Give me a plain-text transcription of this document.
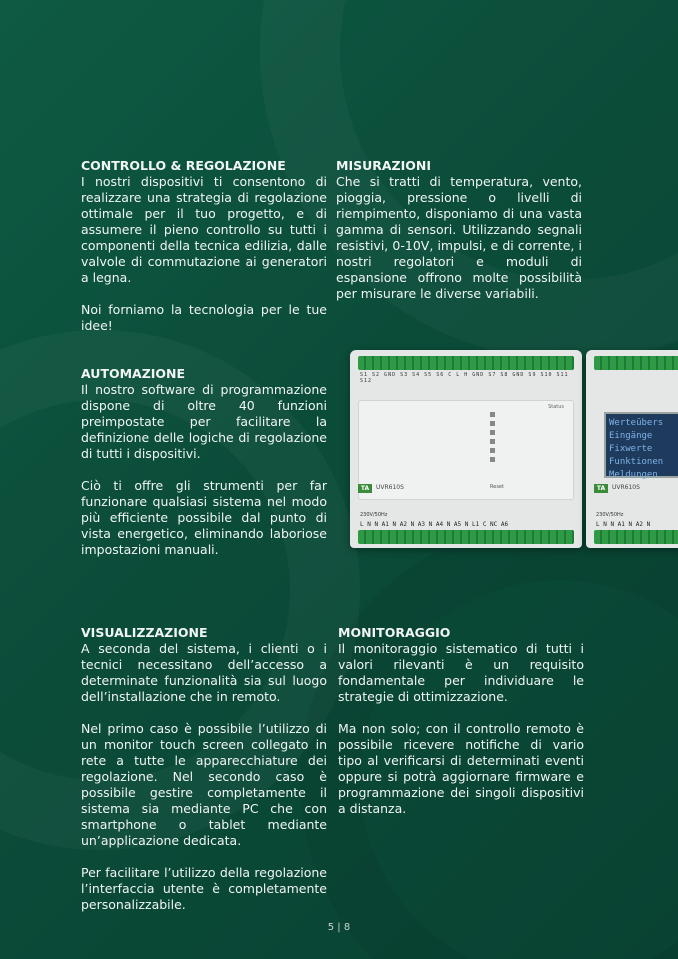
CONTROLLO & REGOLAZIONE

I nostri dispositivi ti consentono di realizzare una strategia di regolazione ottimale per il tuo progetto, e di assumere il pieno controllo su tutti i componenti della tecnica edilizia, dalle valvole di commutazione ai generatori a legna.

Noi forniamo la tecnologia per le tue idee!

MISURAZIONI

Che si tratti di temperatura, vento, pioggia, pressione o livelli di riempimento, disponiamo di una vasta gamma di sensori. Utilizzando segnali resistivi, 0-10V, impulsi, e di corrente, i nostri regolatori e moduli di espansione offrono molte possibilità per misurare le diverse variabili.

AUTOMAZIONE

Il nostro software di programmazione dispone di oltre 40 funzioni preimpostate per facilitare la definizione delle logiche di regolazione di tutti i dispositivi.

Ciò ti offre gli strumenti per far funzionare qualsiasi sistema nel modo più efficiente possibile dal punto di vista energetico, eliminando laboriose impostazioni manuali.

S1 S2 GND S3 S4 S5 S6 C L H GND S7 S8 GND S9 S10 S11 S12
Status
TA	UVR610S	Reset
230V/50Hz
L N N A1 N A2 N A3 N A4 N A5 N L1 C NC A6
Werteübers
Eingänge
Fixwerte
Funktionen
Meldungen
TA	UVR610S
230V/50Hz
L N N A1 N A2 N
VISUALIZZAZIONE

A seconda del sistema, i clienti o i tecnici necessitano dell’accesso a determinate funzionalità sia sul luogo dell’installazione che in remoto.

Nel primo caso è possibile l’utilizzo di un monitor touch screen collegato in rete a tutte le apparecchiature dei regolazione. Nel secondo caso è possibile gestire completamente il sistema sia mediante PC che con smartphone o tablet mediante un’applicazione dedicata.

Per facilitare l’utilizzo della regolazione l’interfaccia utente è completamente personalizzabile.

MONITORAGGIO

Il monitoraggio sistematico di tutti i valori rilevanti è un requisito fondamentale per individuare le strategie di ottimizzazione.

Ma non solo; con il controllo remoto è possibile ricevere notifiche di vario tipo al verificarsi di determinati eventi oppure si potrà aggiornare firmware e programmazione dei singoli dispositivi a distanza.

5 | 8
